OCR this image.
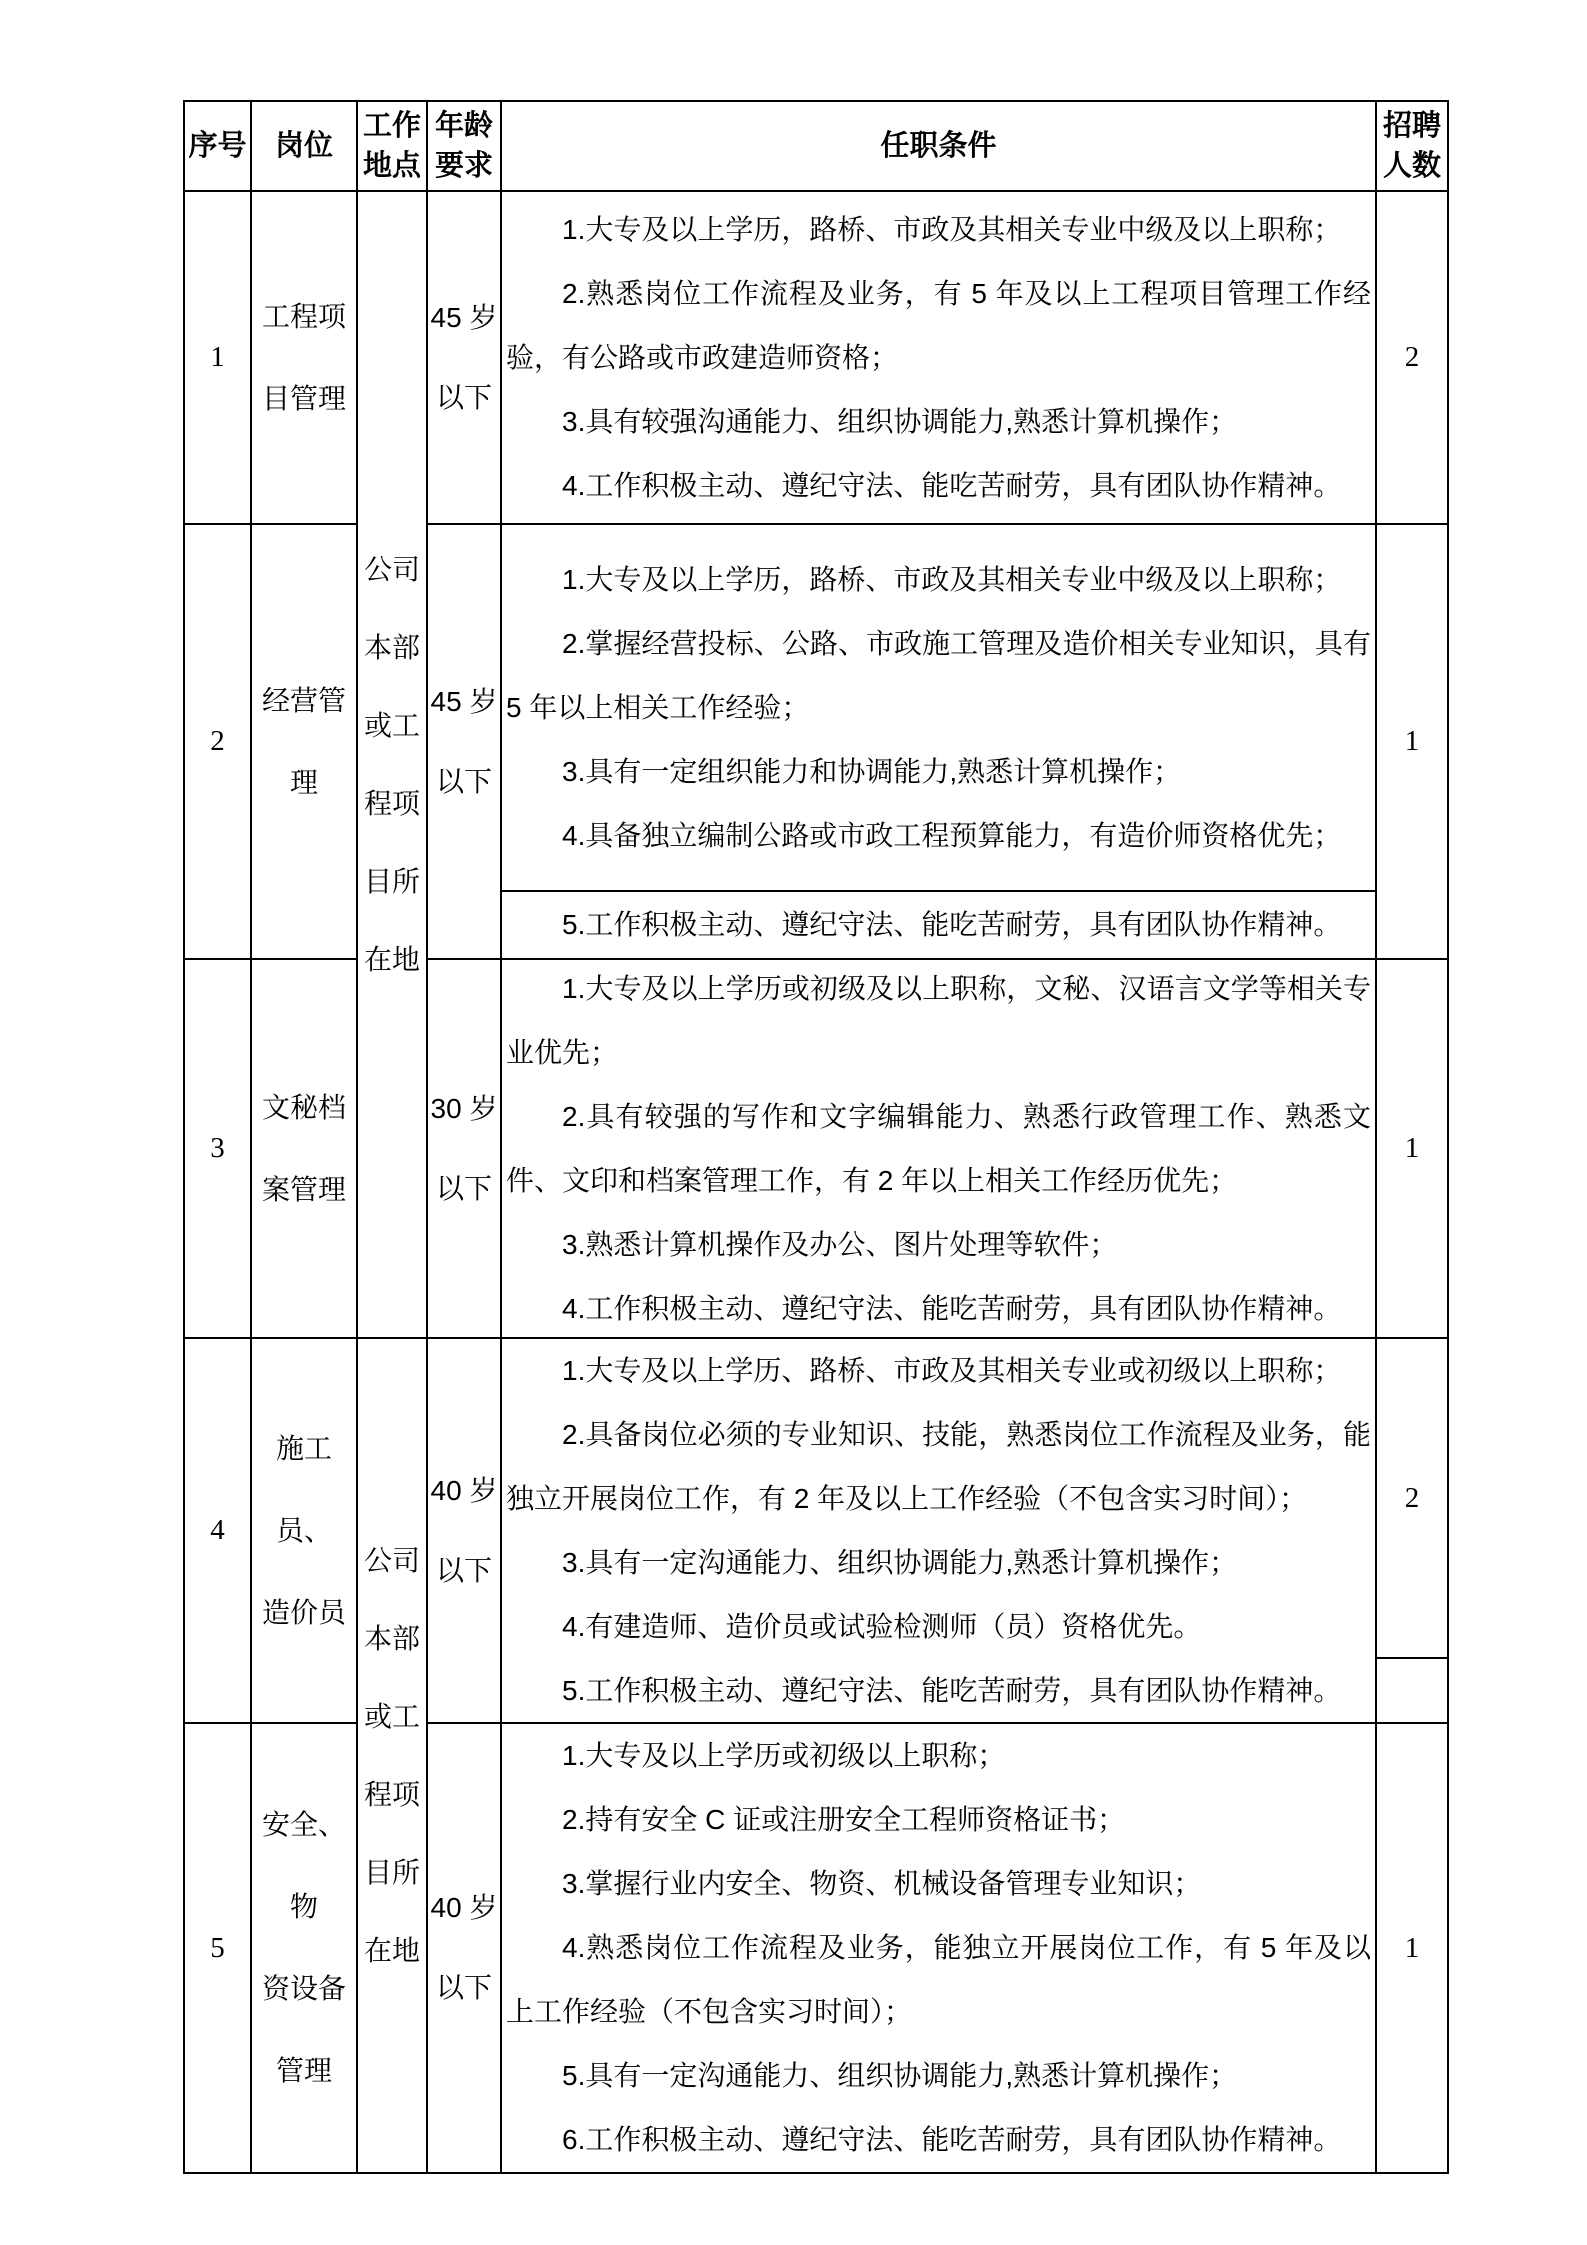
序号 岗位
工作
地点
年龄
要求
任职条件
招聘
人数
公司
本部
或工
程项
目所
在地
公司
本部
或工
程项
目所
在地
1
工程项
目管理
45 岁
以下

1.大专及以上学历，路桥、市政及其相关专业中级及以上职称；

2.熟悉岗位工作流程及业务，有 5 年及以上工程项目管理工作经验，有公路或市政建造师资格；

3.具有较强沟通能力、组织协调能力,熟悉计算机操作；

4.工作积极主动、遵纪守法、能吃苦耐劳，具有团队协作精神。

2
2
经营管
理
45 岁
以下

1.大专及以上学历，路桥、市政及其相关专业中级及以上职称；

2.掌握经营投标、公路、市政施工管理及造价相关专业知识，具有 5 年以上相关工作经验；

3.具有一定组织能力和协调能力,熟悉计算机操作；

4.具备独立编制公路或市政工程预算能力，有造价师资格优先；

5.工作积极主动、遵纪守法、能吃苦耐劳，具有团队协作精神。

1
3
文秘档
案管理
30 岁
以下

1.大专及以上学历或初级及以上职称，文秘、汉语言文学等相关专业优先；

2.具有较强的写作和文字编辑能力、熟悉行政管理工作、熟悉文件、文印和档案管理工作，有 2 年以上相关工作经历优先；

3.熟悉计算机操作及办公、图片处理等软件；

4.工作积极主动、遵纪守法、能吃苦耐劳，具有团队协作精神。

1
4
施工员、
造价员
40 岁
以下

1.大专及以上学历、路桥、市政及其相关专业或初级以上职称；

2.具备岗位必须的专业知识、技能，熟悉岗位工作流程及业务，能独立开展岗位工作，有 2 年及以上工作经验（不包含实习时间）；

3.具有一定沟通能力、组织协调能力,熟悉计算机操作；

4.有建造师、造价员或试验检测师（员）资格优先。

5.工作积极主动、遵纪守法、能吃苦耐劳，具有团队协作精神。

2
5
安全、物
资设备
管理
40 岁
以下

1.大专及以上学历或初级以上职称；

2.持有安全 C 证或注册安全工程师资格证书；

3.掌握行业内安全、物资、机械设备管理专业知识；

4.熟悉岗位工作流程及业务，能独立开展岗位工作，有 5 年及以上工作经验（不包含实习时间）；

5.具有一定沟通能力、组织协调能力,熟悉计算机操作；

6.工作积极主动、遵纪守法、能吃苦耐劳，具有团队协作精神。

1
